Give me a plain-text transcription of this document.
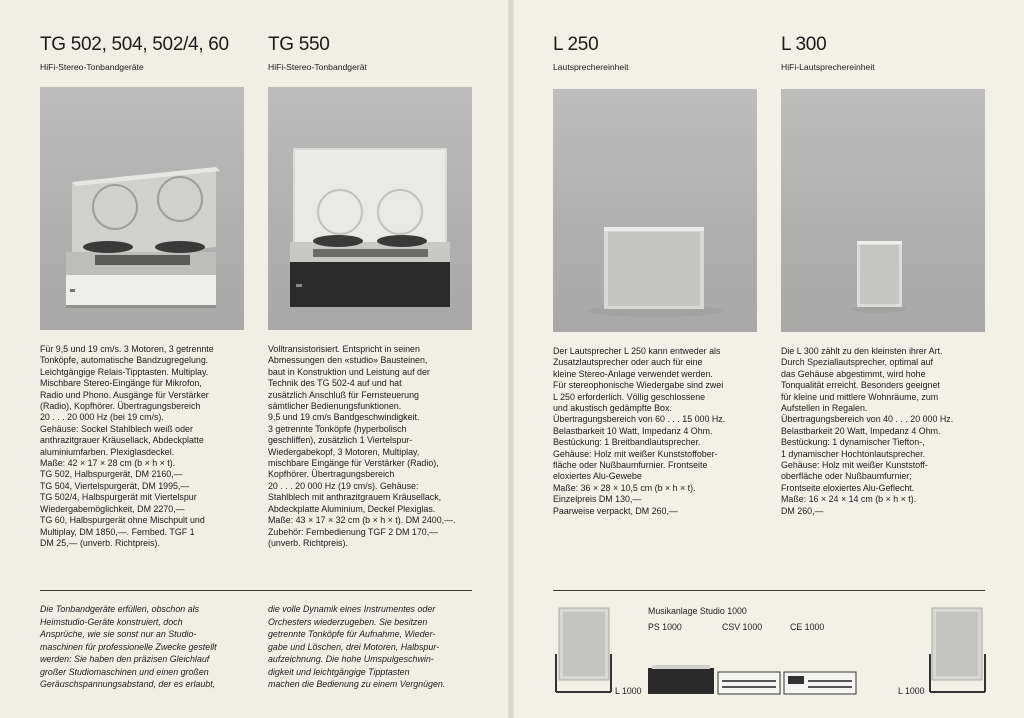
TG 502, 504, 502/4, 60
HiFi-Stereo-Tonbandgeräte
Für 9,5 und 19 cm/s. 3 Motoren, 3 getrennte
Tonköpfe, automatische Bandzugregelung.
Leichtgängige Relais-Tipptasten. Multiplay.
Mischbare Stereo-Eingänge für Mikrofon,
Radio und Phono. Ausgänge für Verstärker
(Radio), Kopfhörer. Übertragungsbereich
20 . . . 20 000 Hz (bei 19 cm/s).
Gehäuse: Sockel Stahlblech weiß oder
anthrazitgrauer Kräusellack, Abdeckplatte
aluminiumfarben. Plexiglasdeckel.
Maße: 42 × 17 × 28 cm (b × h × t).
TG 502, Halbspurgerät, DM 2160,—
TG 504, Viertelspurgerät, DM 1995,—
TG 502/4, Halbspurgerät mit Viertelspur
Wiedergabemöglichkeit, DM 2270,—
TG 60, Halbspurgerät ohne Mischpult und
Multiplay, DM 1850,—. Fernbed. TGF 1
DM 25,— (unverb. Richtpreis).
TG 550
HiFi-Stereo-Tonbandgerät
Volltransistorisiert. Entspricht in seinen
Abmessungen den «studio» Bausteinen,
baut in Konstruktion und Leistung auf der
Technik des TG 502-4 auf und hat
zusätzlich Anschluß für Fernsteuerung
sämtlicher Bedienungsfunktionen.
9,5 und 19 cm/s Bandgeschwindigkeit.
3 getrennte Tonköpfe (hyperbolisch
geschliffen), zusätzlich 1 Viertelspur-
Wiedergabekopf, 3 Motoren, Multiplay,
mischbare Eingänge für Verstärker (Radio),
Kopfhörer. Übertragungsbereich
20 . . . 20 000 Hz (19 cm/s). Gehäuse:
Stahlblech mit anthrazitgrauem Kräusellack,
Abdeckplatte Aluminium, Deckel Plexiglas.
Maße: 43 × 17 × 32 cm (b × h × t). DM 2400,—.
Zubehör: Fernbedienung TGF 2 DM 170,—
(unverb. Richtpreis).
L 250
Lautsprechereinheit
Der Lautsprecher L 250 kann entweder als
Zusatzlautsprecher oder auch für eine
kleine Stereo-Anlage verwendet werden.
Für stereophonische Wiedergabe sind zwei
L 250 erforderlich. Völlig geschlossene
und akustisch gedämpfte Box.
Übertragungsbereich von 60 . . . 15 000 Hz.
Belastbarkeit 10 Watt, Impedanz 4 Ohm.
Bestückung: 1 Breitbandlautsprecher.
Gehäuse: Holz mit weißer Kunststoffober-
fläche oder Nußbaumfurnier. Frontseite
eloxiertes Alu-Gewebe
Maße: 36 × 28 × 10,5 cm (b × h × t).
Einzelpreis DM 130,—
Paarweise verpackt, DM 260,—
L 300
HiFi-Lautsprechereinheit
Die L 300 zählt zu den kleinsten ihrer Art.
Durch Speziallautsprecher, optimal auf
das Gehäuse abgestimmt, wird hohe
Tonqualität erreicht. Besonders geeignet
für kleine und mittlere Wohnräume, zum
Aufstellen in Regalen.
Übertragungsbereich von 40 . . . 20 000 Hz.
Belastbarkeit 20 Watt, Impedanz 4 Ohm.
Bestückung: 1 dynamischer Tiefton-,
1 dynamischer Hochtonlautsprecher.
Gehäuse: Holz mit weißer Kunststoff-
oberfläche oder Nußbaumfurnier;
Frontseite eloxiertes Alu-Geflecht.
Maße: 16 × 24 × 14 cm (b × h × t).
DM 260,—
Die Tonbandgeräte erfüllen, obschon als
Heimstudio-Geräte konstruiert, doch
Ansprüche, wie sie sonst nur an Studio-
maschinen für professionelle Zwecke gestellt
werden: Sie haben den präzisen Gleichlauf
großer Studiomaschinen und einen großen
Geräuschspannungsabstand, der es erlaubt,
die volle Dynamik eines Instrumentes oder
Orchesters wiederzugeben. Sie besitzen
getrennte Tonköpfe für Aufnahme, Wieder-
gabe und Löschen, drei Motoren, Halbspur-
aufzeichnung. Die hohe Umspulgeschwin-
digkeit und leichtgängige Tipptasten
machen die Bedienung zu einem Vergnügen.
Musikanlage Studio 1000
PS 1000	CSV 1000	CE 1000
L 1000	L 1000
